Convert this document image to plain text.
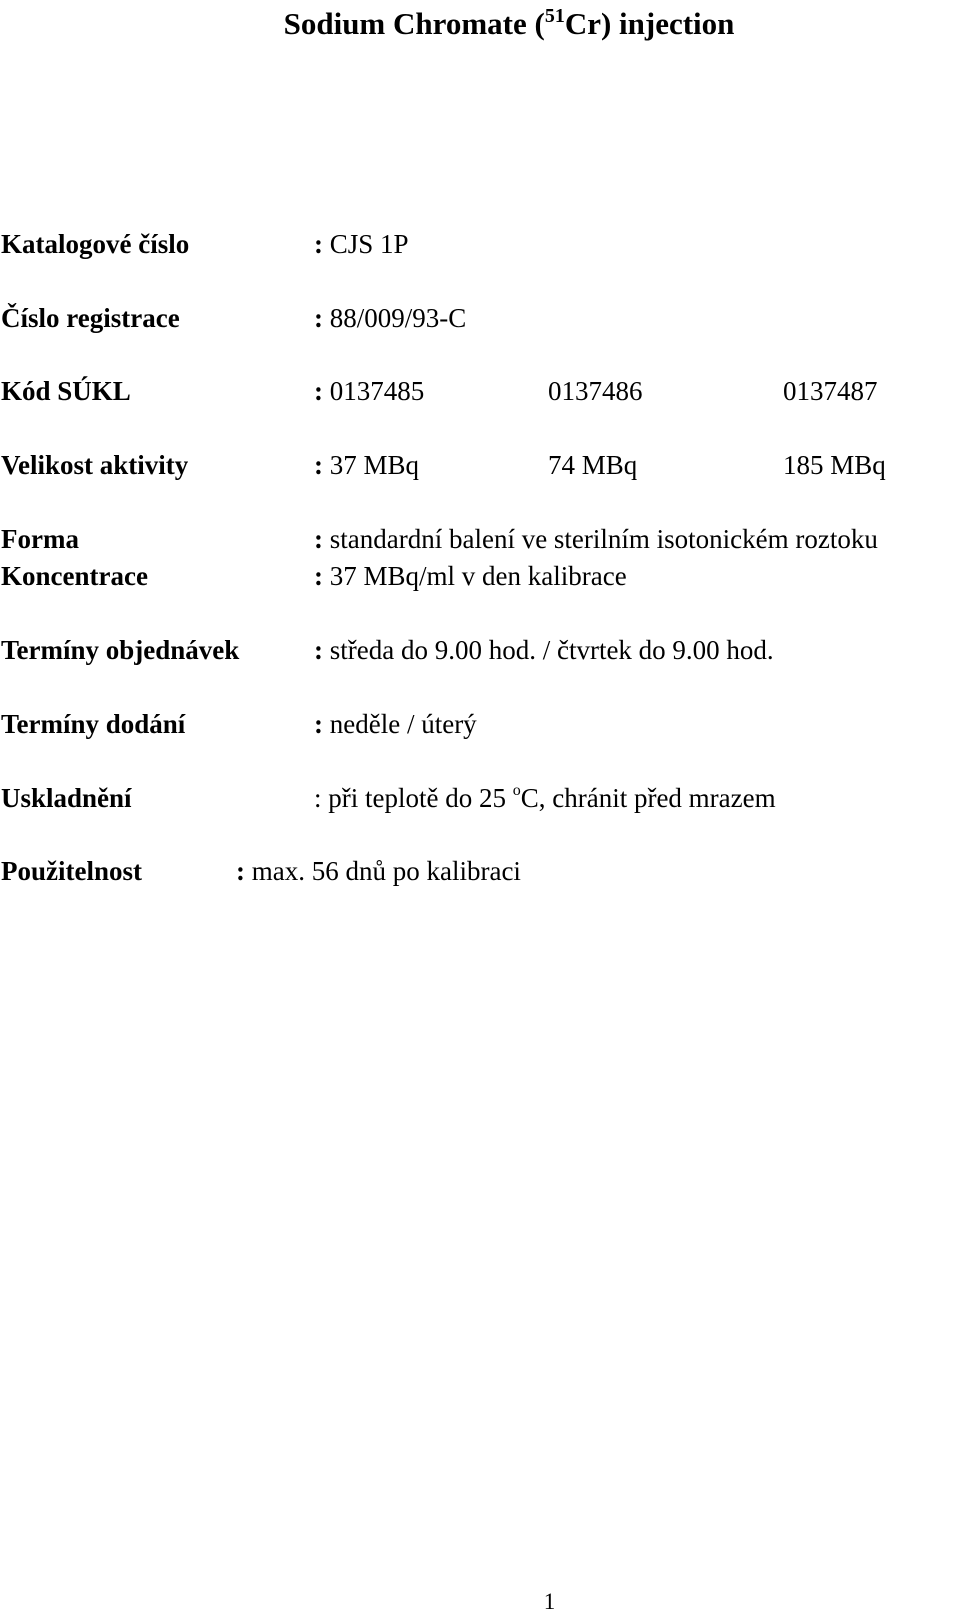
Sodium Chromate ($^{51}$Cr) injection
Katalogové číslo	: CJS 1P
Číslo registrace	: 88/009/93-C
Kód SÚKL	: 0137485	0137486	0137487
Velikost aktivity	: 37 MBq	74 MBq	185 MBq
Forma	: standardní balení ve sterilním isotonickém roztoku
Koncentrace	: 37 MBq/ml v den kalibrace
Termíny objednávek	: středa do 9.00 hod. / čtvrtek do 9.00 hod.
Termíny dodání	: neděle / úterý
Uskladnění	: při teplotě do 25 $^o$C, chránit před mrazem
Použitelnost	: max. 56 dnů po kalibraci
1
